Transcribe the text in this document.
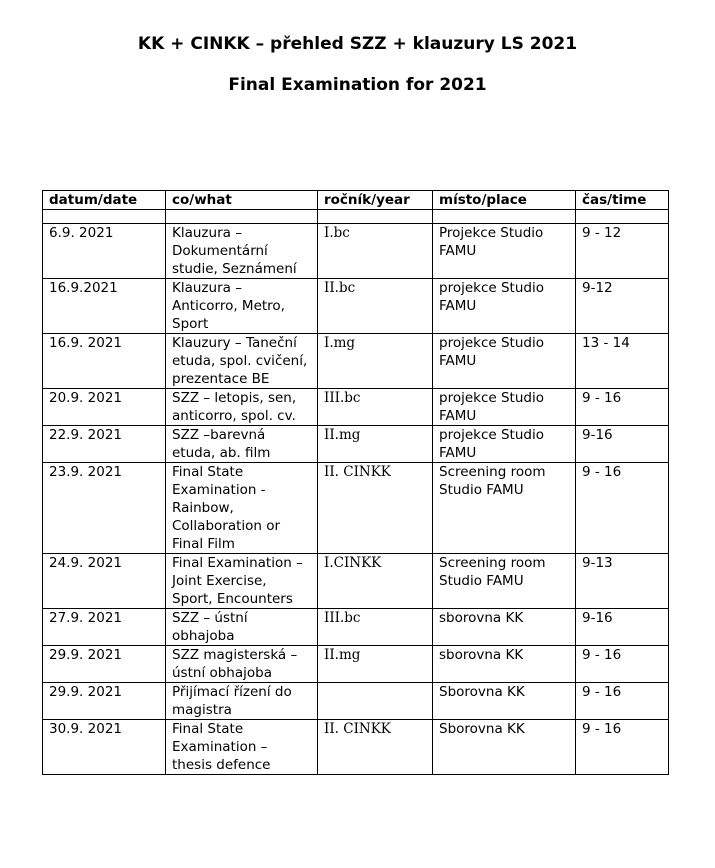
KK + CINKK – přehled SZZ + klauzury LS 2021
Final Examination for 2021
datum/date	co/what	ročník/year	místo/place	čas/time

6.9. 2021	Klauzura – Dokumentární studie, Seznámení	I.bc	Projekce Studio FAMU	9 - 12
16.9.2021	Klauzura – Anticorro, Metro, Sport	II.bc	projekce Studio FAMU	9-12
16.9. 2021	Klauzury – Taneční etuda, spol. cvičení, prezentace BE	I.mg	projekce Studio FAMU	13 - 14
20.9. 2021	SZZ – letopis, sen, anticorro, spol. cv.	III.bc	projekce Studio FAMU	9 - 16
22.9. 2021	SZZ –barevná etuda, ab. film	II.mg	projekce Studio FAMU	9-16
23.9. 2021	Final State Examination - Rainbow, Collaboration or Final Film	II. CINKK	Screening room Studio FAMU	9 - 16
24.9. 2021	Final Examination – Joint Exercise, Sport, Encounters	I.CINKK	Screening room Studio FAMU	9-13
27.9. 2021	SZZ – ústní obhajoba	III.bc	sborovna KK	9-16
29.9. 2021	SZZ magisterská – ústní obhajoba	II.mg	sborovna KK	9 - 16
29.9. 2021	Přijímací řízení do magistra		Sborovna KK	9 - 16
30.9. 2021	Final State Examination – thesis defence	II. CINKK	Sborovna KK	9 - 16
